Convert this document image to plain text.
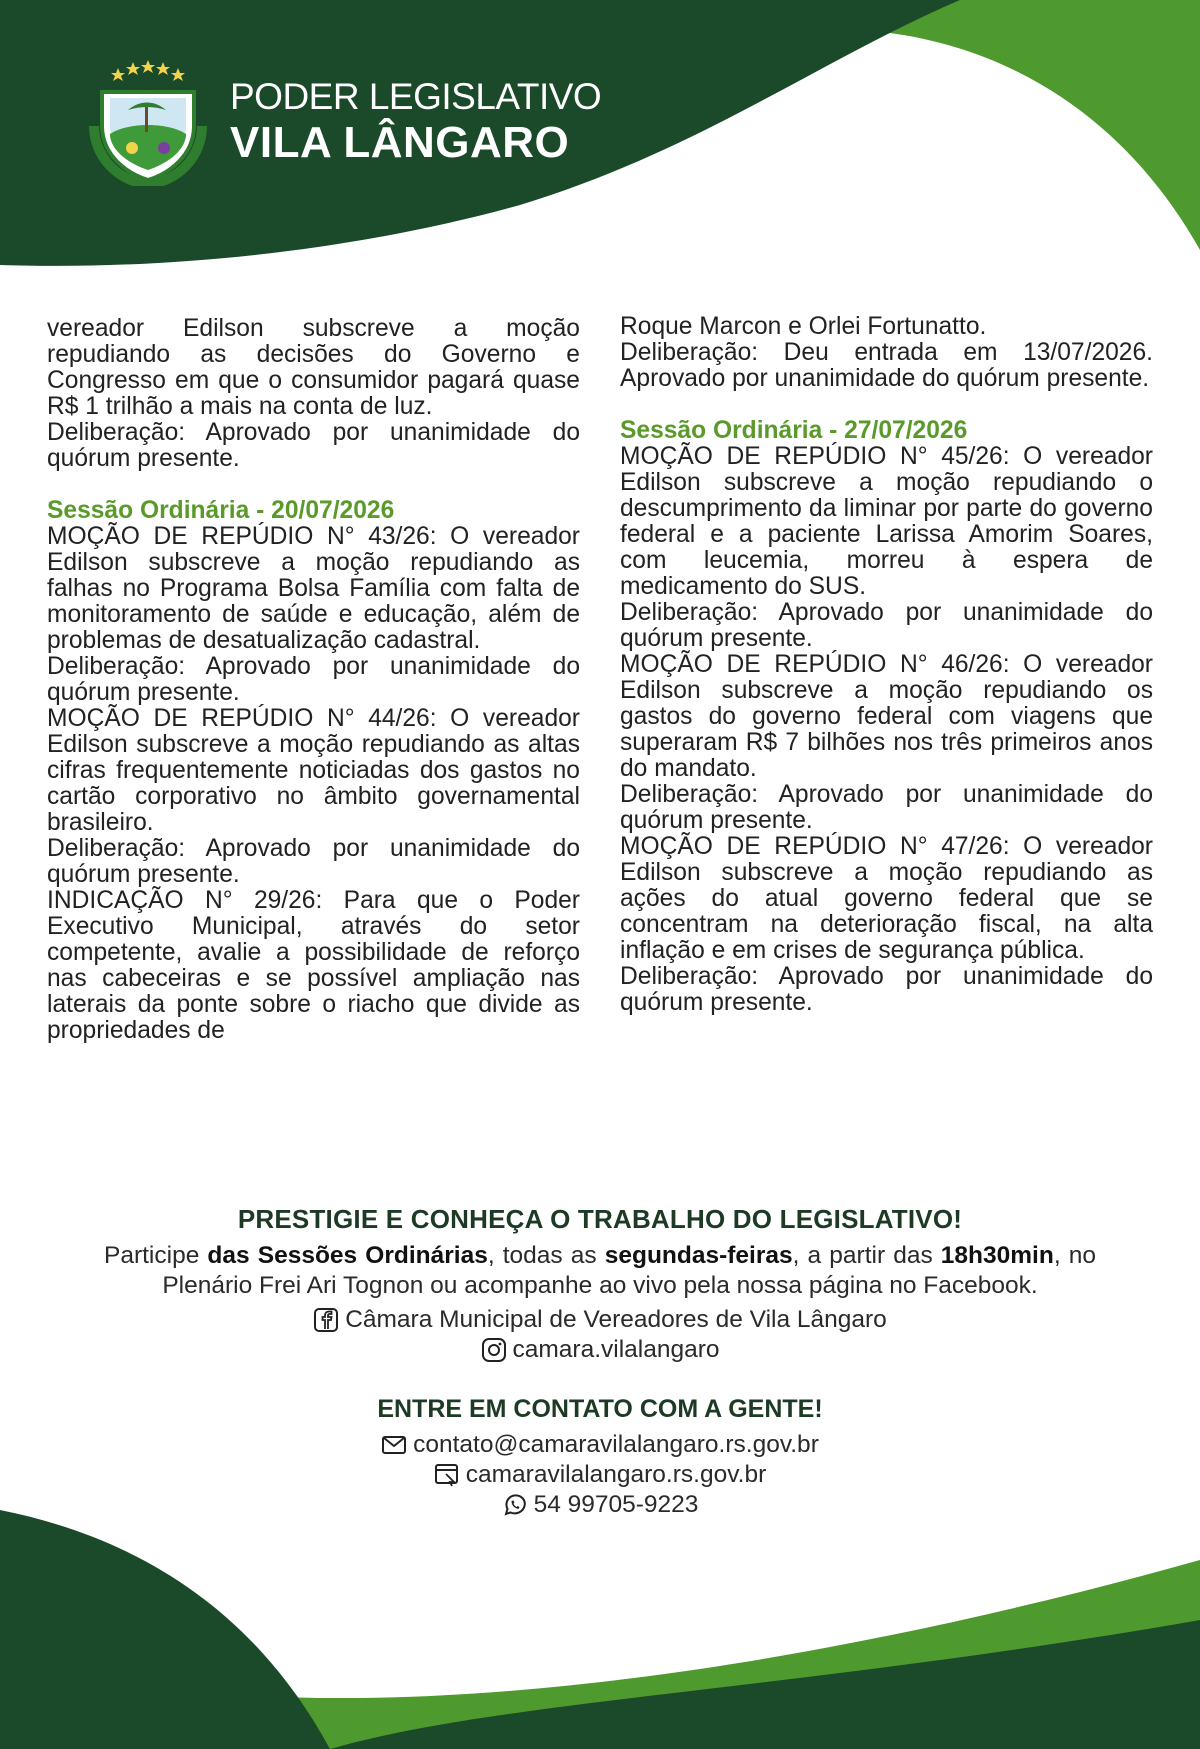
PODER LEGISLATIVO
VILA LÂNGARO

vereador Edilson subscreve a moção repudiando as decisões do Governo e Congresso em que o consumidor pagará quase R$ 1 trilhão a mais na conta de luz.

Deliberação: Aprovado por unanimidade do quórum presente.

Sessão Ordinária - 20/07/2026

MOÇÃO DE REPÚDIO N° 43/26: O vereador Edilson subscreve a moção repudiando as falhas no Programa Bolsa Família com falta de monitoramento de saúde e educação, além de problemas de desatualização cadastral.

Deliberação: Aprovado por unanimidade do quórum presente.

MOÇÃO DE REPÚDIO N° 44/26: O vereador Edilson subscreve a moção repudiando as altas cifras frequentemente noticiadas dos gastos no cartão corporativo no âmbito governamental brasileiro.

Deliberação: Aprovado por unanimidade do quórum presente.

INDICAÇÃO N° 29/26: Para que o Poder Executivo Municipal, através do setor competente, avalie a possibilidade de reforço nas cabeceiras e se possível ampliação nas laterais da ponte sobre o riacho que divide as propriedades de

Roque Marcon e Orlei Fortunatto.

Deliberação: Deu entrada em 13/07/2026. Aprovado por unanimidade do quórum presente.

Sessão Ordinária - 27/07/2026

MOÇÃO DE REPÚDIO N° 45/26: O vereador Edilson subscreve a moção repudiando o descumprimento da liminar por parte do governo federal e a paciente Larissa Amorim Soares, com leucemia, morreu à espera de medicamento do SUS.

Deliberação: Aprovado por unanimidade do quórum presente.

MOÇÃO DE REPÚDIO N° 46/26: O vereador Edilson subscreve a moção repudiando os gastos do governo federal com viagens que superaram R$ 7 bilhões nos três primeiros anos do mandato.

Deliberação: Aprovado por unanimidade do quórum presente.

MOÇÃO DE REPÚDIO N° 47/26: O vereador Edilson subscreve a moção repudiando as ações do atual governo federal que se concentram na deterioração fiscal, na alta inflação e em crises de segurança pública.

Deliberação: Aprovado por unanimidade do quórum presente.

PRESTIGIE E CONHEÇA O TRABALHO DO LEGISLATIVO!

Participe das Sessões Ordinárias, todas as segundas-feiras, a partir das 18h30min, no Plenário Frei Ari Tognon ou acompanhe ao vivo pela nossa página no Facebook.

Câmara Municipal de Vereadores de Vila Lângaro
camara.vilalangaro
ENTRE EM CONTATO COM A GENTE!
contato@camaravilalangaro.rs.gov.br
camaravilalangaro.rs.gov.br
54 99705-9223
